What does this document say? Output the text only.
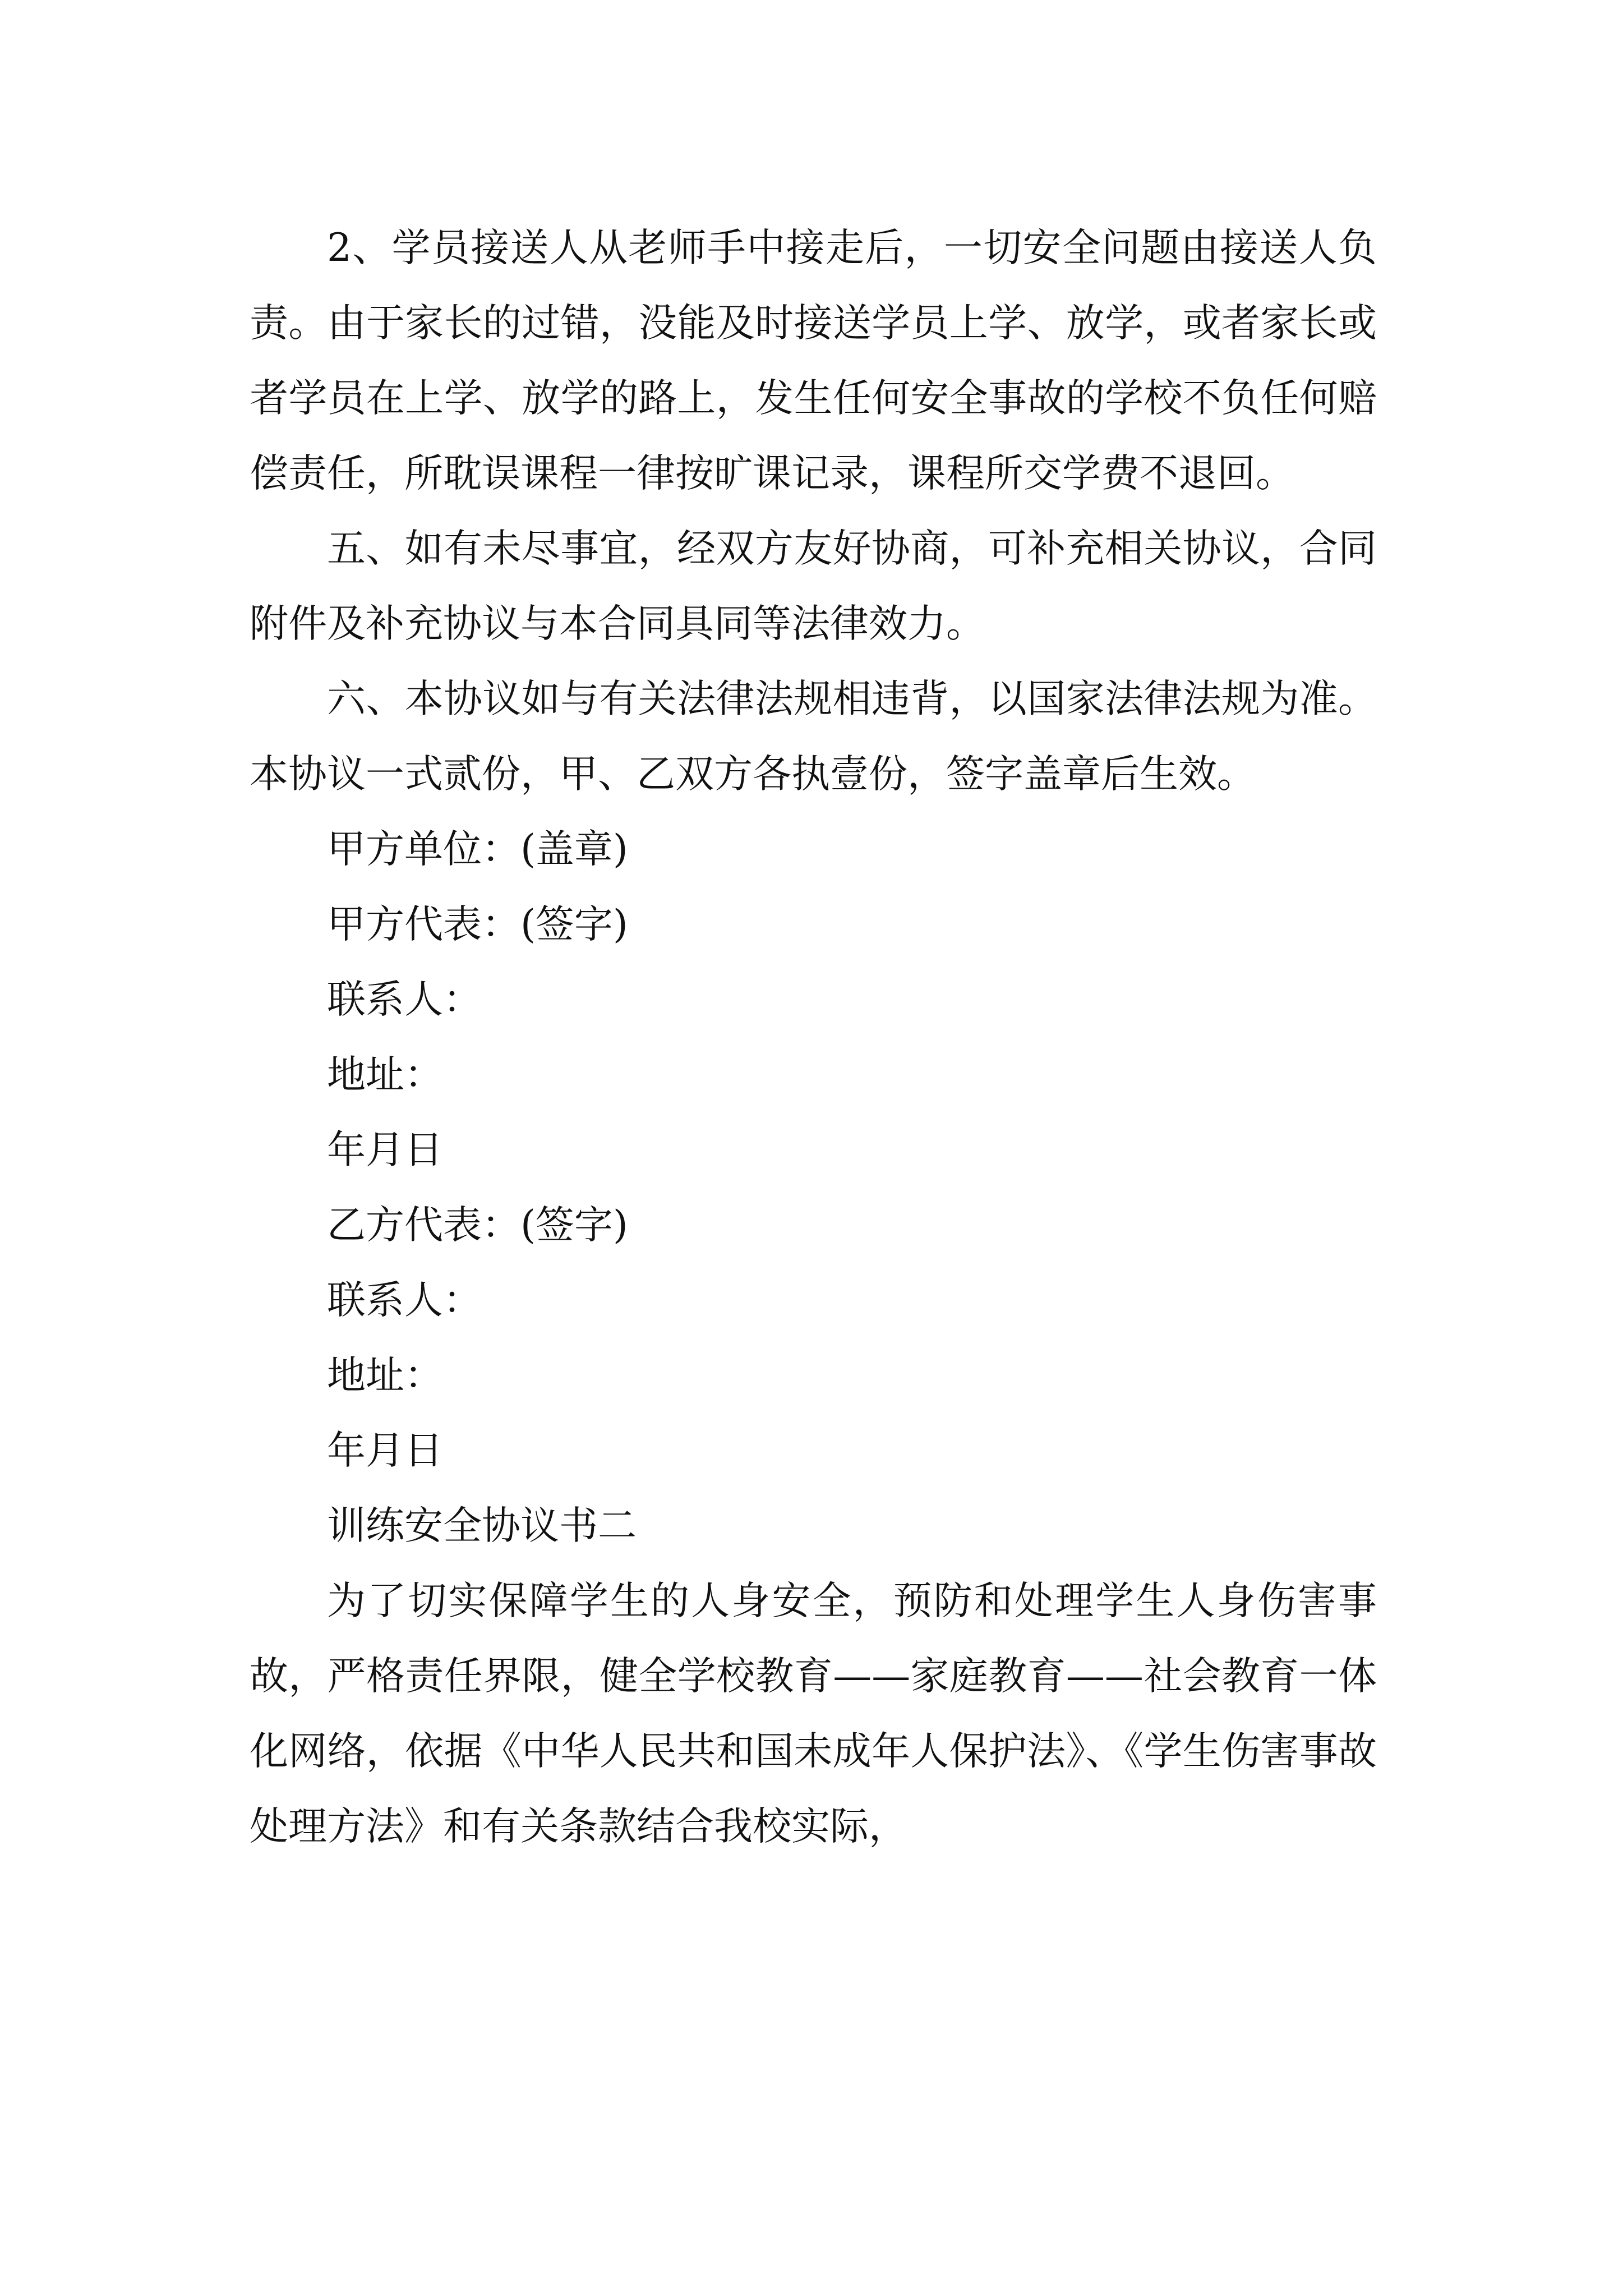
2、学员接送人从老师手中接走后，一切安全问题由接送人负责。由于家长的过错，没能及时接送学员上学、放学，或者家长或者学员在上学、放学的路上，发生任何安全事故的学校不负任何赔偿责任，所耽误课程一律按旷课记录，课程所交学费不退回。

五、如有未尽事宜，经双方友好协商，可补充相关协议，合同附件及补充协议与本合同具同等法律效力。

六、本协议如与有关法律法规相违背，以国家法律法规为准。本协议一式贰份，甲、乙双方各执壹份，签字盖章后生效。

甲方单位：(盖章)

甲方代表：(签字)

联系人：

地址：

年月日

乙方代表：(签字)

联系人：

地址：

年月日

训练安全协议书二

为了切实保障学生的人身安全，预防和处理学生人身伤害事故，严格责任界限，健全学校教育——家庭教育——社会教育一体化网络，依据《中华人民共和国未成年人保护法》、《学生伤害事故处理方法》和有关条款结合我校实际，
